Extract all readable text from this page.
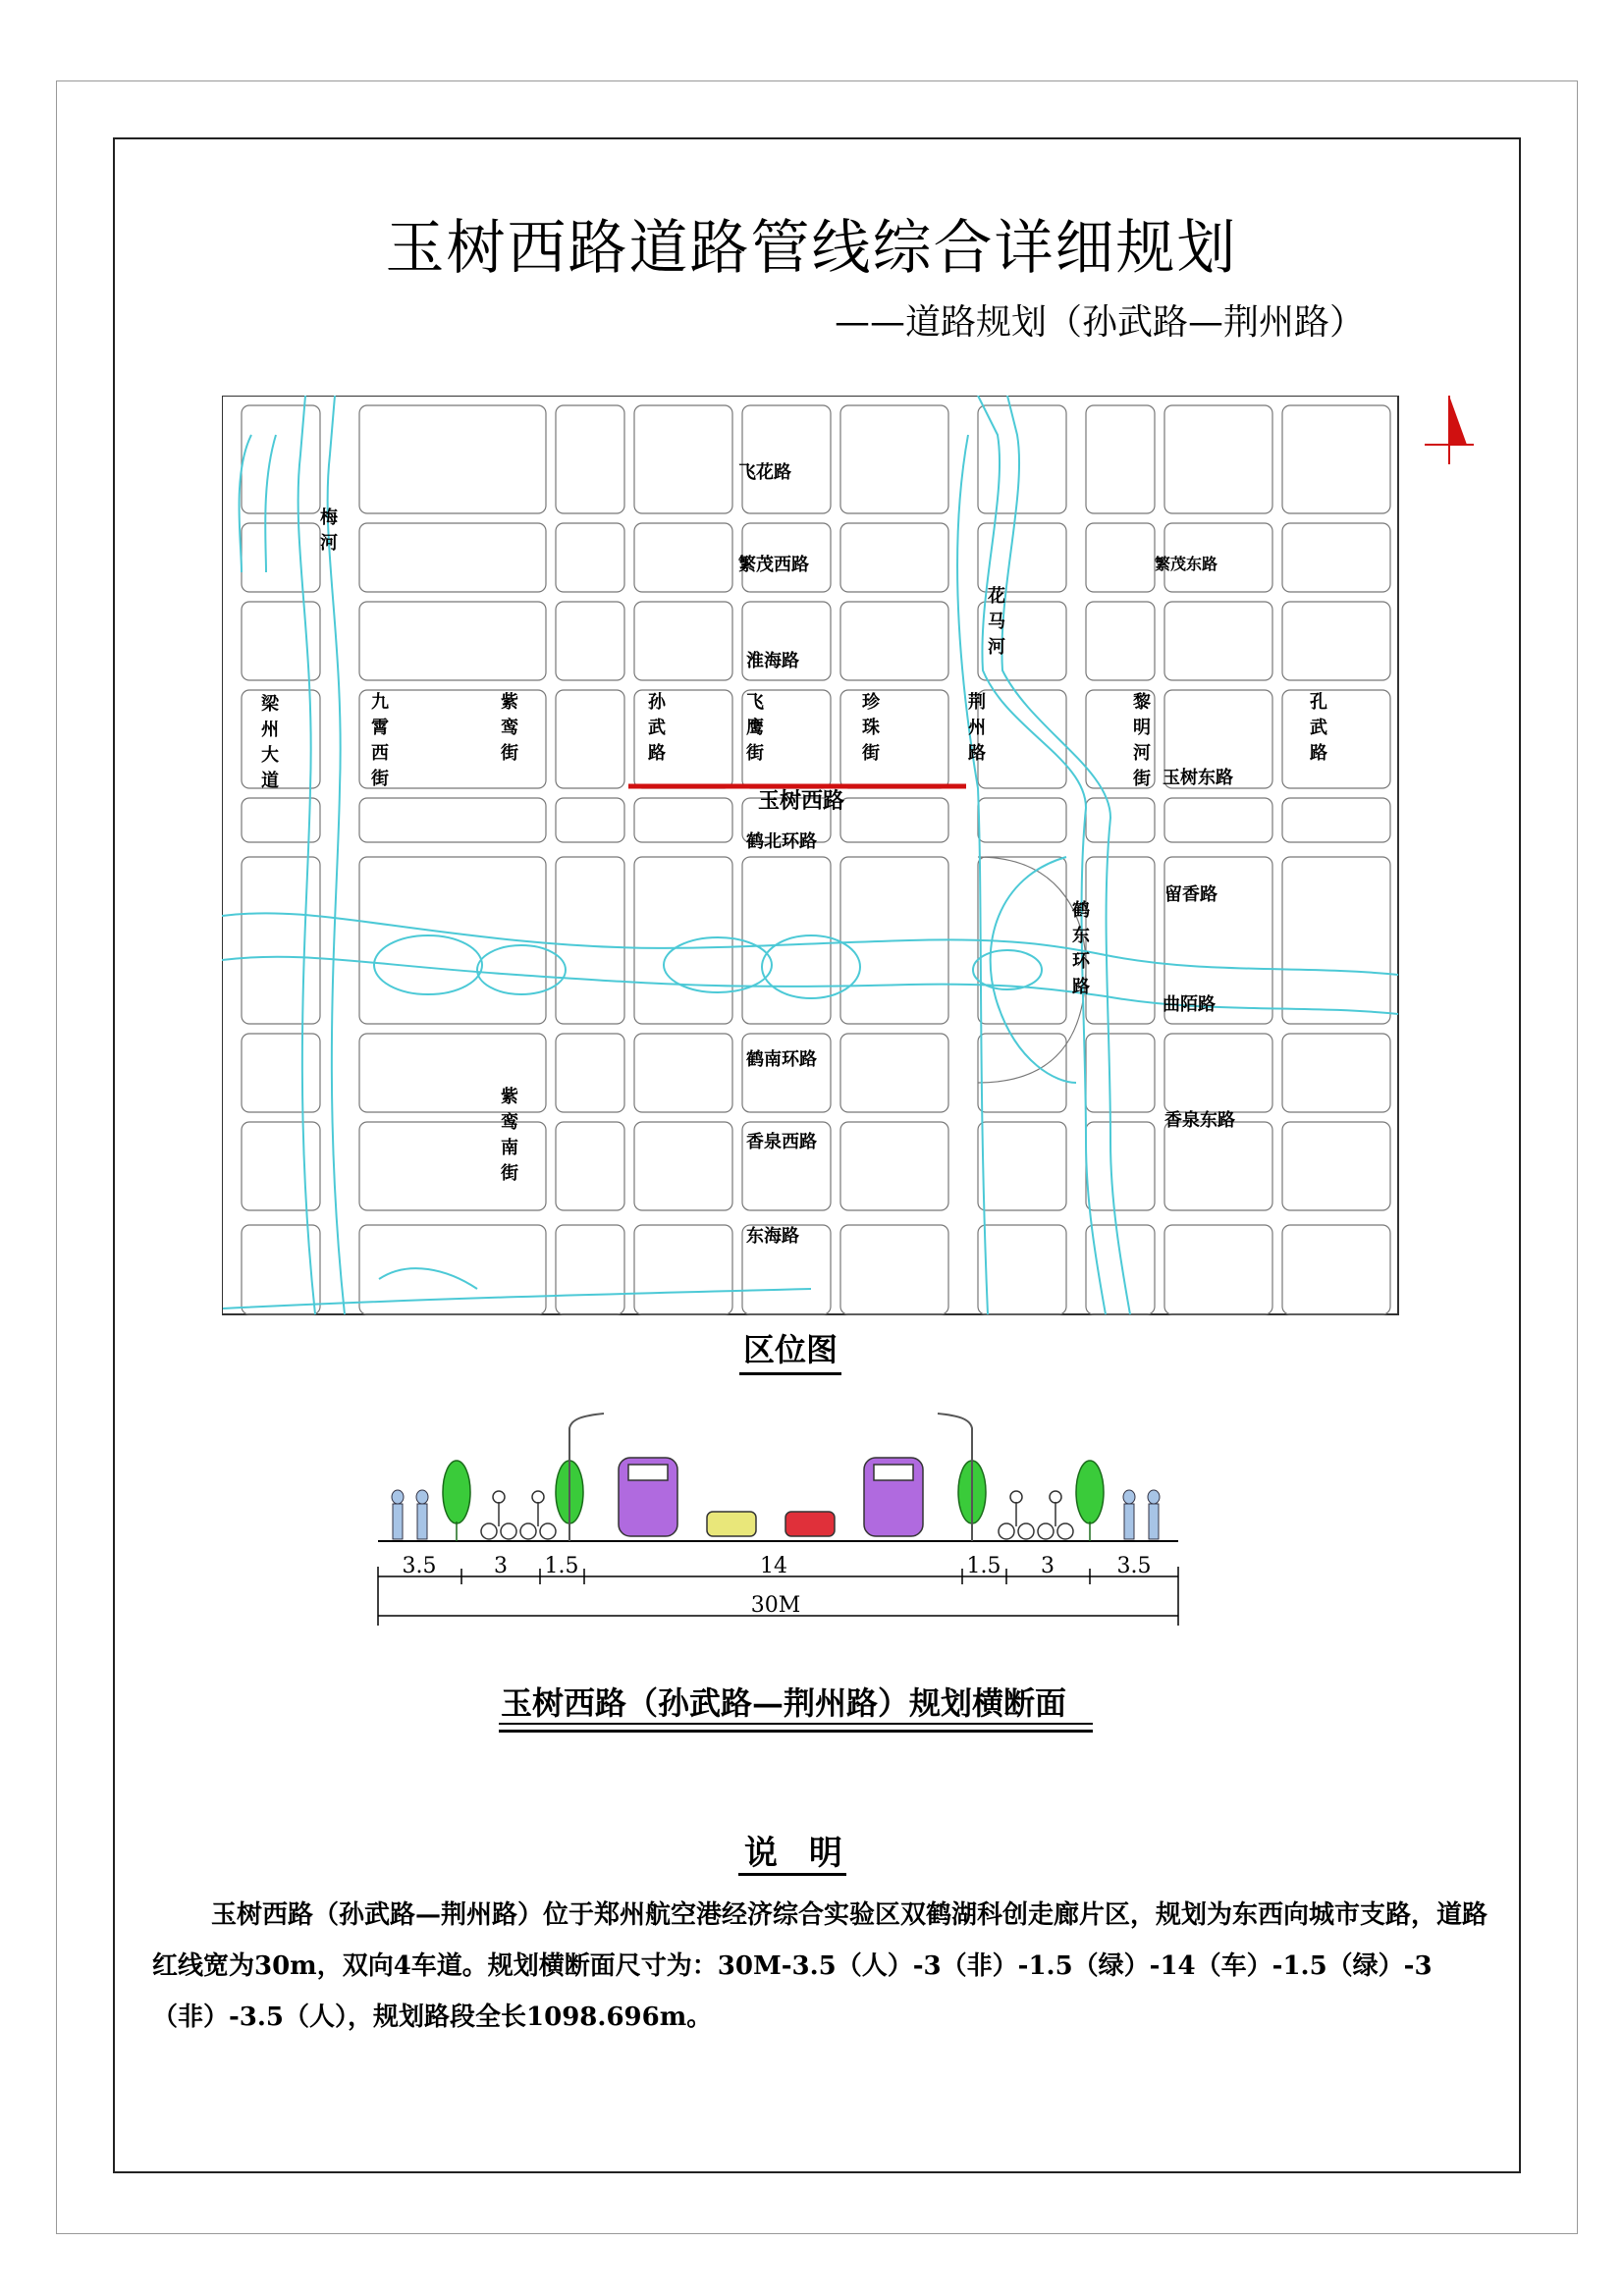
玉树西路道路管线综合详细规划
——道路规划（孙武路—荆州路）
飞花路
繁茂西路	繁茂东路
淮海路
玉树西路
玉树东路
鹤北环路
留香路
曲陌路
鹤南环路
香泉西路
香泉东路
东海路
梁州大道
梅河
九霄西街
紫鸾街
孙武路
飞鹰街
珍珠街
荆州路
花马河
黎明河街
孔武路
鹤东环路
紫鸾南街
区位图
3.5	3 1.5	14	1.5 3	3.5
30M
玉树西路（孙武路—荆州路）规划横断面
说 明
玉树西路（孙武路—荆州路）位于郑州航空港经济综合实验区双鹤湖科创走廊片区，规划为东西向城市支路，道路红线宽为30m，双向4车道。规划横断面尺寸为：30M-3.5（人）-3（非）-1.5（绿）-14（车）-1.5（绿）-3（非）-3.5（人），规划路段全长1098.696m。
